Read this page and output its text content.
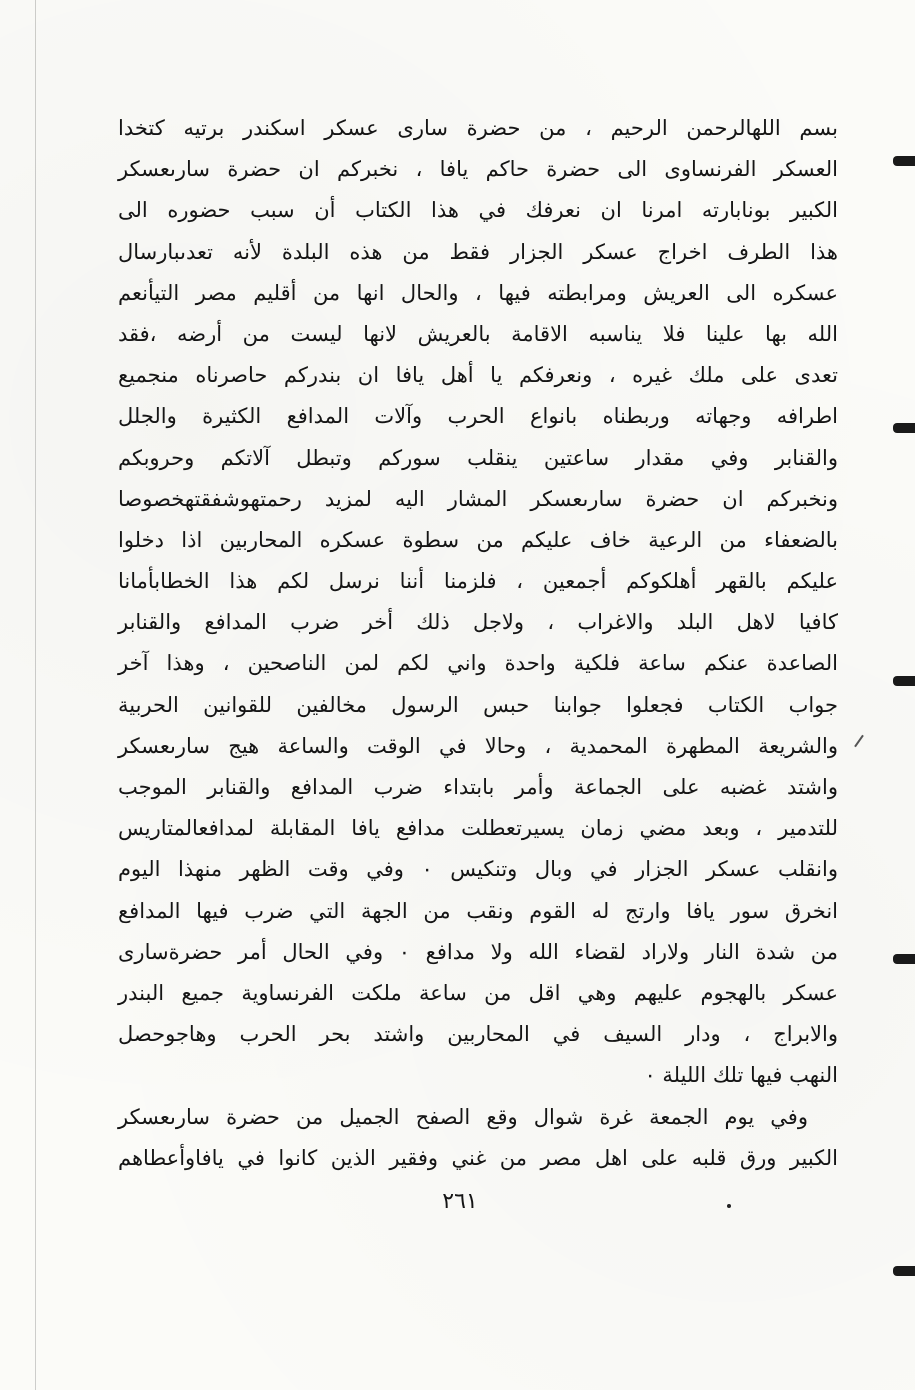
بسم اللهالرحمن الرحيم ، من حضرة سارى عسكر اسكندر برتيه كتخدا
العسكر الفرنساوى الى حضرة حاكم يافا ، نخبركم ان حضرة سارىعسكر
الكبير بونابارته امرنا ان نعرفك في هذا الكتاب أن سبب حضوره الى
هذا الطرف اخراج عسكر الجزار فقط من هذه البلدة لأنه تعدىبارسال
عسكره الى العريش ومرابطته فيها ، والحال انها من أقليم مصر التيأنعم
الله بها علينا فلا يناسبه الاقامة بالعريش لانها ليست من أرضه ،فقد
تعدى على ملك غيره ، ونعرفكم يا أهل يافا ان بندركم حاصرناه منجميع
اطرافه وجهاته وربطناه بانواع الحرب وآلات المدافع الكثيرة والجلل
والقنابر وفي مقدار ساعتين ينقلب سوركم وتبطل آلاتكم وحروبكم
ونخبركم ان حضرة سارىعسكر المشار اليه لمزيد رحمتهوشفقتهخصوصا
بالضعفاء من الرعية خاف عليكم من سطوة عسكره المحاربين اذا دخلوا
عليكم بالقهر أهلكوكم أجمعين ، فلزمنا أننا نرسل لكم هذا الخطابأمانا
كافيا لاهل البلد والاغراب ، ولاجل ذلك أخر ضرب المدافع والقنابر
الصاعدة عنكم ساعة فلكية واحدة واني لكم لمن الناصحين ، وهذا آخر
جواب الكتاب فجعلوا جوابنا حبس الرسول مخالفين للقوانين الحربية
والشريعة المطهرة المحمدية ، وحالا في الوقت والساعة هيج سارىعسكر
واشتد غضبه على الجماعة وأمر بابتداء ضرب المدافع والقنابر الموجب
للتدمير ، وبعد مضي زمان يسيرتعطلت مدافع يافا المقابلة لمدافعالمتاريس
وانقلب عسكر الجزار في وبال وتنكيس ٠ وفي وقت الظهر منهذا اليوم
انخرق سور يافا وارتج له القوم ونقب من الجهة التي ضرب فيها المدافع
من شدة النار ولاراد لقضاء الله ولا مدافع ٠ وفي الحال أمر حضرةسارى
عسكر بالهجوم عليهم وهي اقل من ساعة ملكت الفرنساوية جميع البندر
والابراج ، ودار السيف في المحاربين واشتد بحر الحرب وهاجوحصل
النهب فيها تلك الليلة ٠
وفي يوم الجمعة غرة شوال وقع الصفح الجميل من حضرة سارىعسكر
الكبير ورق قلبه على اهل مصر من غني وفقير الذين كانوا في يافاوأعطاهم
٢٦١
